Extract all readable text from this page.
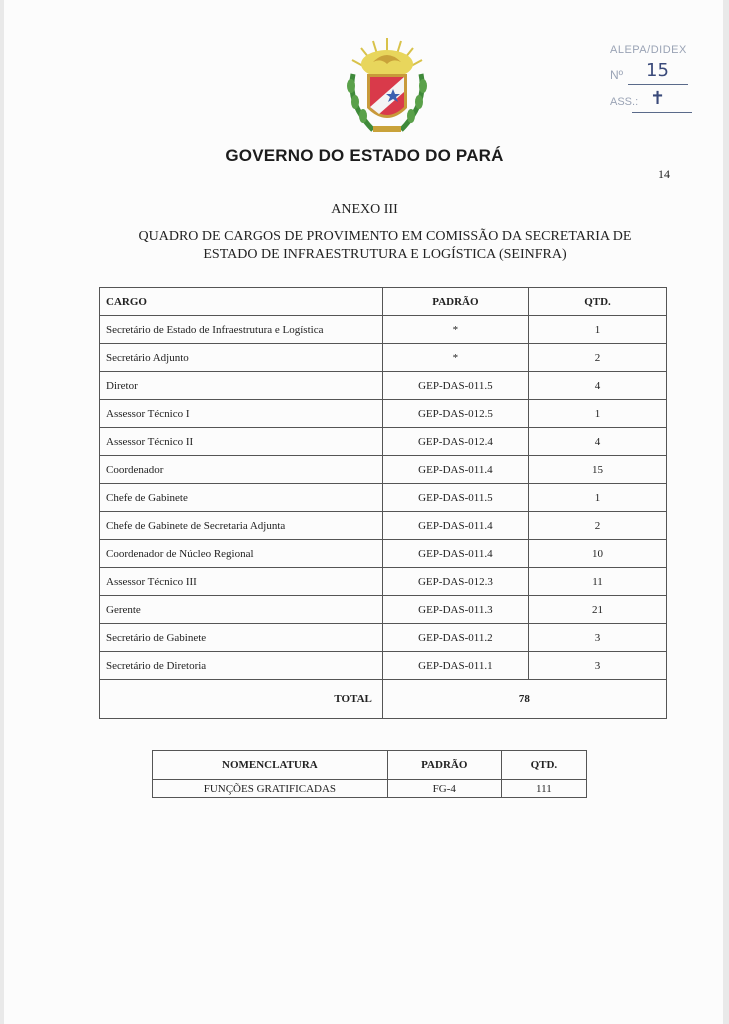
ALEPA/DIDEX
Nº 15
ASS.: ✝
GOVERNO DO ESTADO DO PARÁ
14
ANEXO III
QUADRO DE CARGOS DE PROVIMENTO EM COMISSÃO DA SECRETARIA DE
ESTADO DE INFRAESTRUTURA E LOGÍSTICA (SEINFRA)
CARGO	PADRÃO	QTD.
Secretário de Estado de Infraestrutura e Logística	*	1
Secretário Adjunto	*	2
Diretor	GEP-DAS-011.5	4
Assessor Técnico I	GEP-DAS-012.5	1
Assessor Técnico II	GEP-DAS-012.4	4
Coordenador	GEP-DAS-011.4	15
Chefe de Gabinete	GEP-DAS-011.5	1
Chefe de Gabinete de Secretaria Adjunta	GEP-DAS-011.4	2
Coordenador de Núcleo Regional	GEP-DAS-011.4	10
Assessor Técnico III	GEP-DAS-012.3	11
Gerente	GEP-DAS-011.3	21
Secretário de Gabinete	GEP-DAS-011.2	3
Secretário de Diretoria	GEP-DAS-011.1	3
TOTAL	78	
NOMENCLATURA	PADRÃO	QTD.
FUNÇÕES GRATIFICADAS	FG-4	111
